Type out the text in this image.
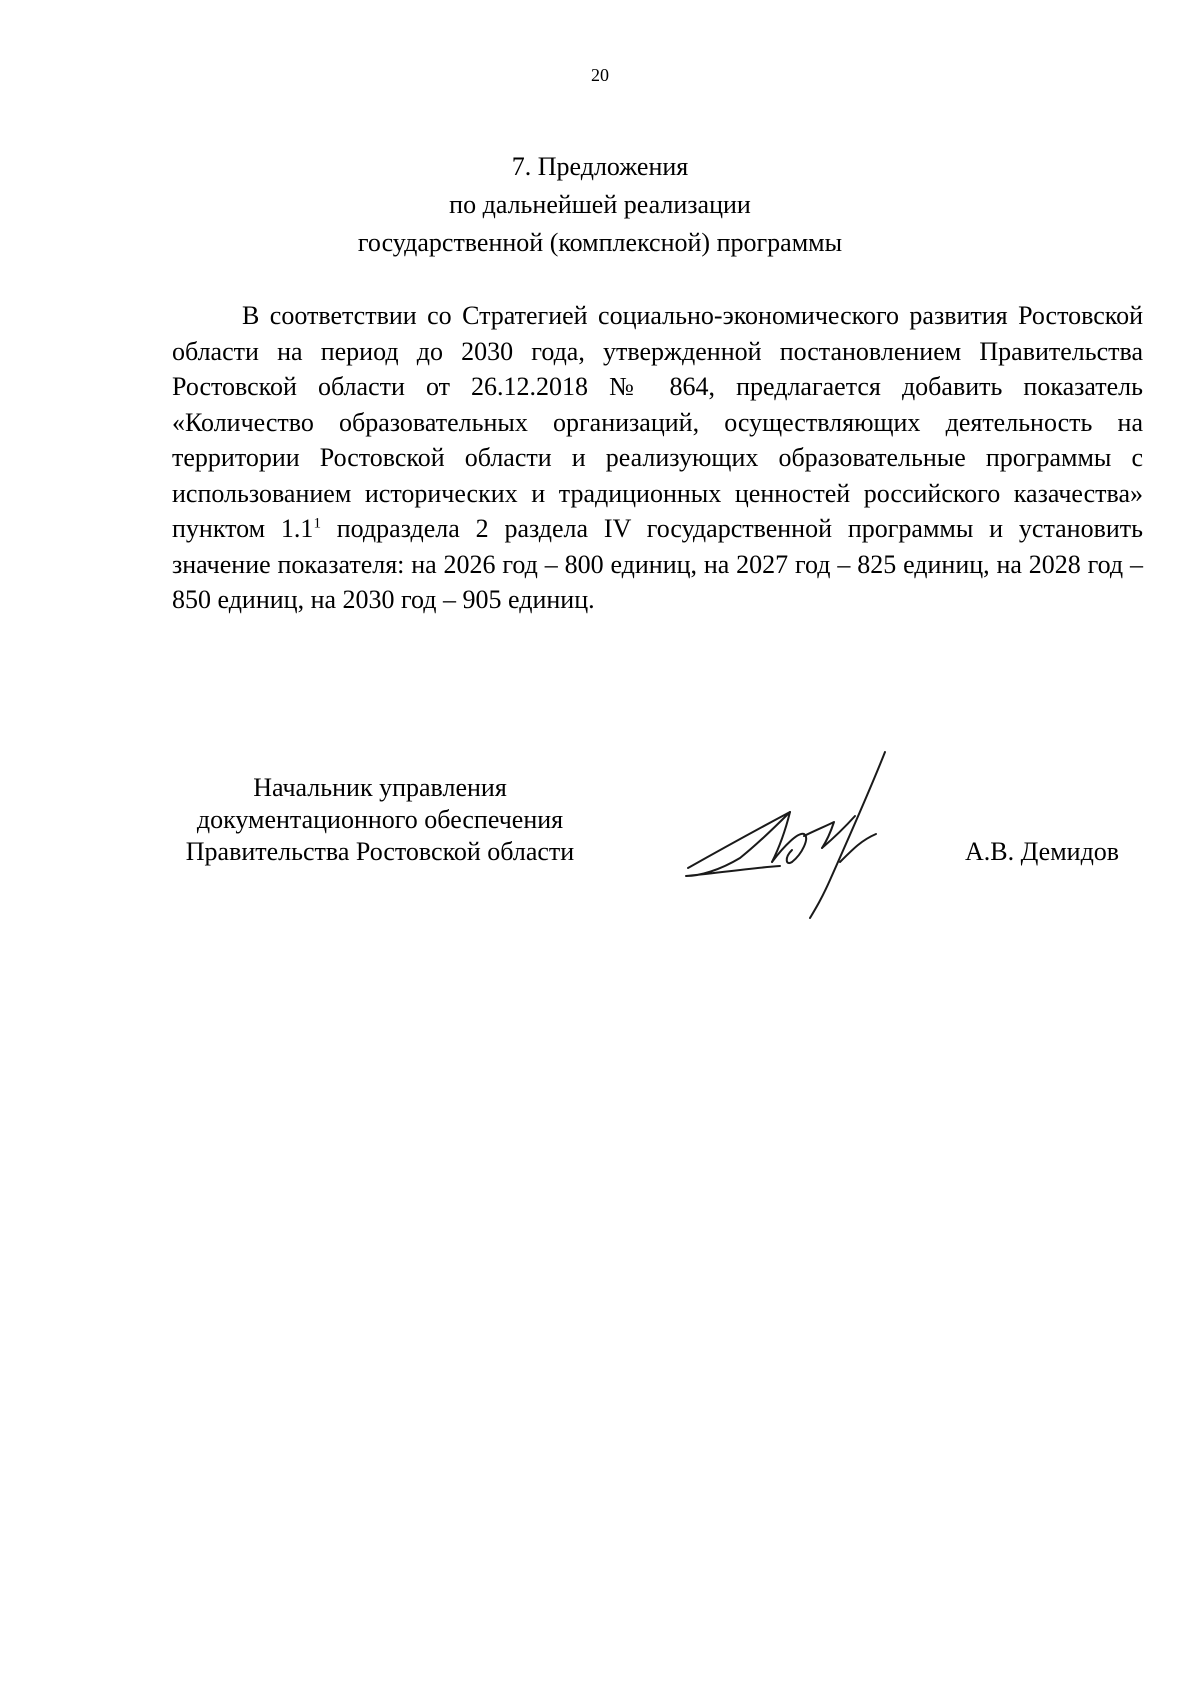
20
7. Предложения
по дальнейшей реализации
государственной (комплексной) программы

В соответствии со Стратегией социально-экономического развития Ростовской области на период до 2030 года, утвержденной постановлением Правительства Ростовской области от 26.12.2018 № 864, предлагается добавить показатель «Количество образовательных организаций, осуществляющих деятельность на территории Ростовской области и реализующих образовательные программы с использованием исторических и традиционных ценностей российского казачества» пунктом $1.1^1$ подраздела 2 раздела IV государственной программы и установить значение показателя: на 2026 год – 800 единиц, на 2027 год – 825 единиц, на 2028 год – 850 единиц, на 2030 год – 905 единиц.

Начальник управления
документационного обеспечения
Правительства Ростовской области	А.В. Демидов
